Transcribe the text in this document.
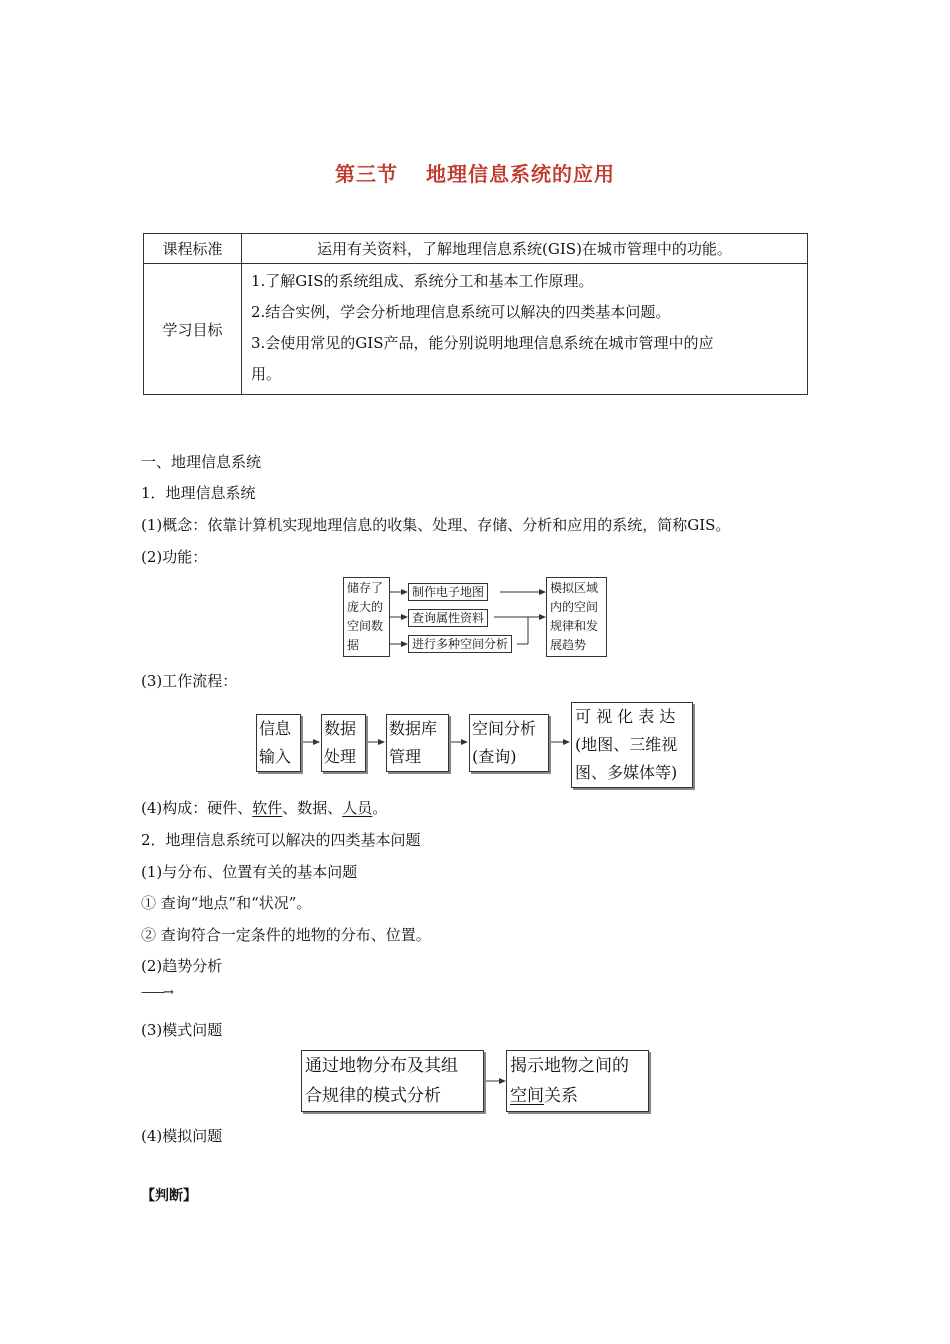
第三节 地理信息系统的应用
课程标准	运用有关资料，了解地理信息系统(GIS)在城市管理中的功能。
学习目标	1.了解GIS的系统组成、系统分工和基本工作原理。
2.结合实例，学会分析地理信息系统可以解决的四类基本问题。
3.会使用常见的GIS产品，能分别说明地理信息系统在城市管理中的应
用。
一、地理信息系统
1．地理信息系统
(1)概念：依靠计算机实现地理信息的收集、处理、存储、分析和应用的系统，简称GIS。
(2)功能：
储存了
庞大的
空间数
据
制作电子地图
查询属性资料
进行多种空间分析
模拟区域
内的空间
规律和发
展趋势
(3)工作流程：
信息
输入
数据
处理
数据库
管理
空间分析
(查询)
可 视 化 表 达
(地图、三维视
图、多媒体等)
(4)构成：硬件、软件、数据、人员。
2．地理信息系统可以解决的四类基本问题
(1)与分布、位置有关的基本问题
① 查询“地点”和“状况”。
② 查询符合一定条件的地物的分布、位置。
(2)趋势分析
——→
(3)模式问题
通过地物分布及其组
合规律的模式分析
揭示地物之间的
空间关系
(4)模拟问题
【判断】
